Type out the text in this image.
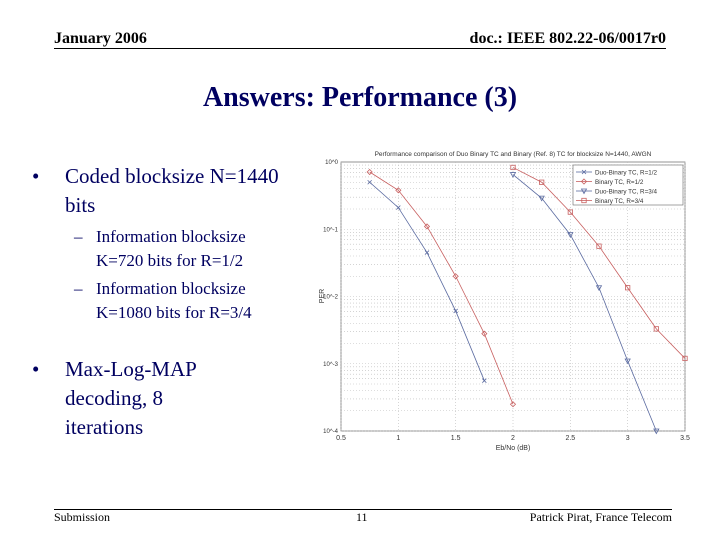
January 2006	doc.: IEEE 802.22-06/0017r0
Answers: Performance (3)
• Coded blocksize N=1440 bits
– Information blocksize K=720 bits for R=1/2
– Information blocksize K=1080 bits for R=3/4
• Max-Log-MAP decoding, 8 iterations
Performance comparison of Duo Binary TC and Binary (Ref. 8) TC for blocksize N=1440, AWGN
0.5	1	1.5	2	2.5	3	3.5
10^0
10^-1
10^-2
10^-3
10^-4
Eb/No (dB)
PER
Duo-Binary TC, R=1/2
Binary TC, R=1/2
Duo-Binary TC, R=3/4
Binary TC, R=3/4
Submission	11	Patrick Pirat, France Telecom
